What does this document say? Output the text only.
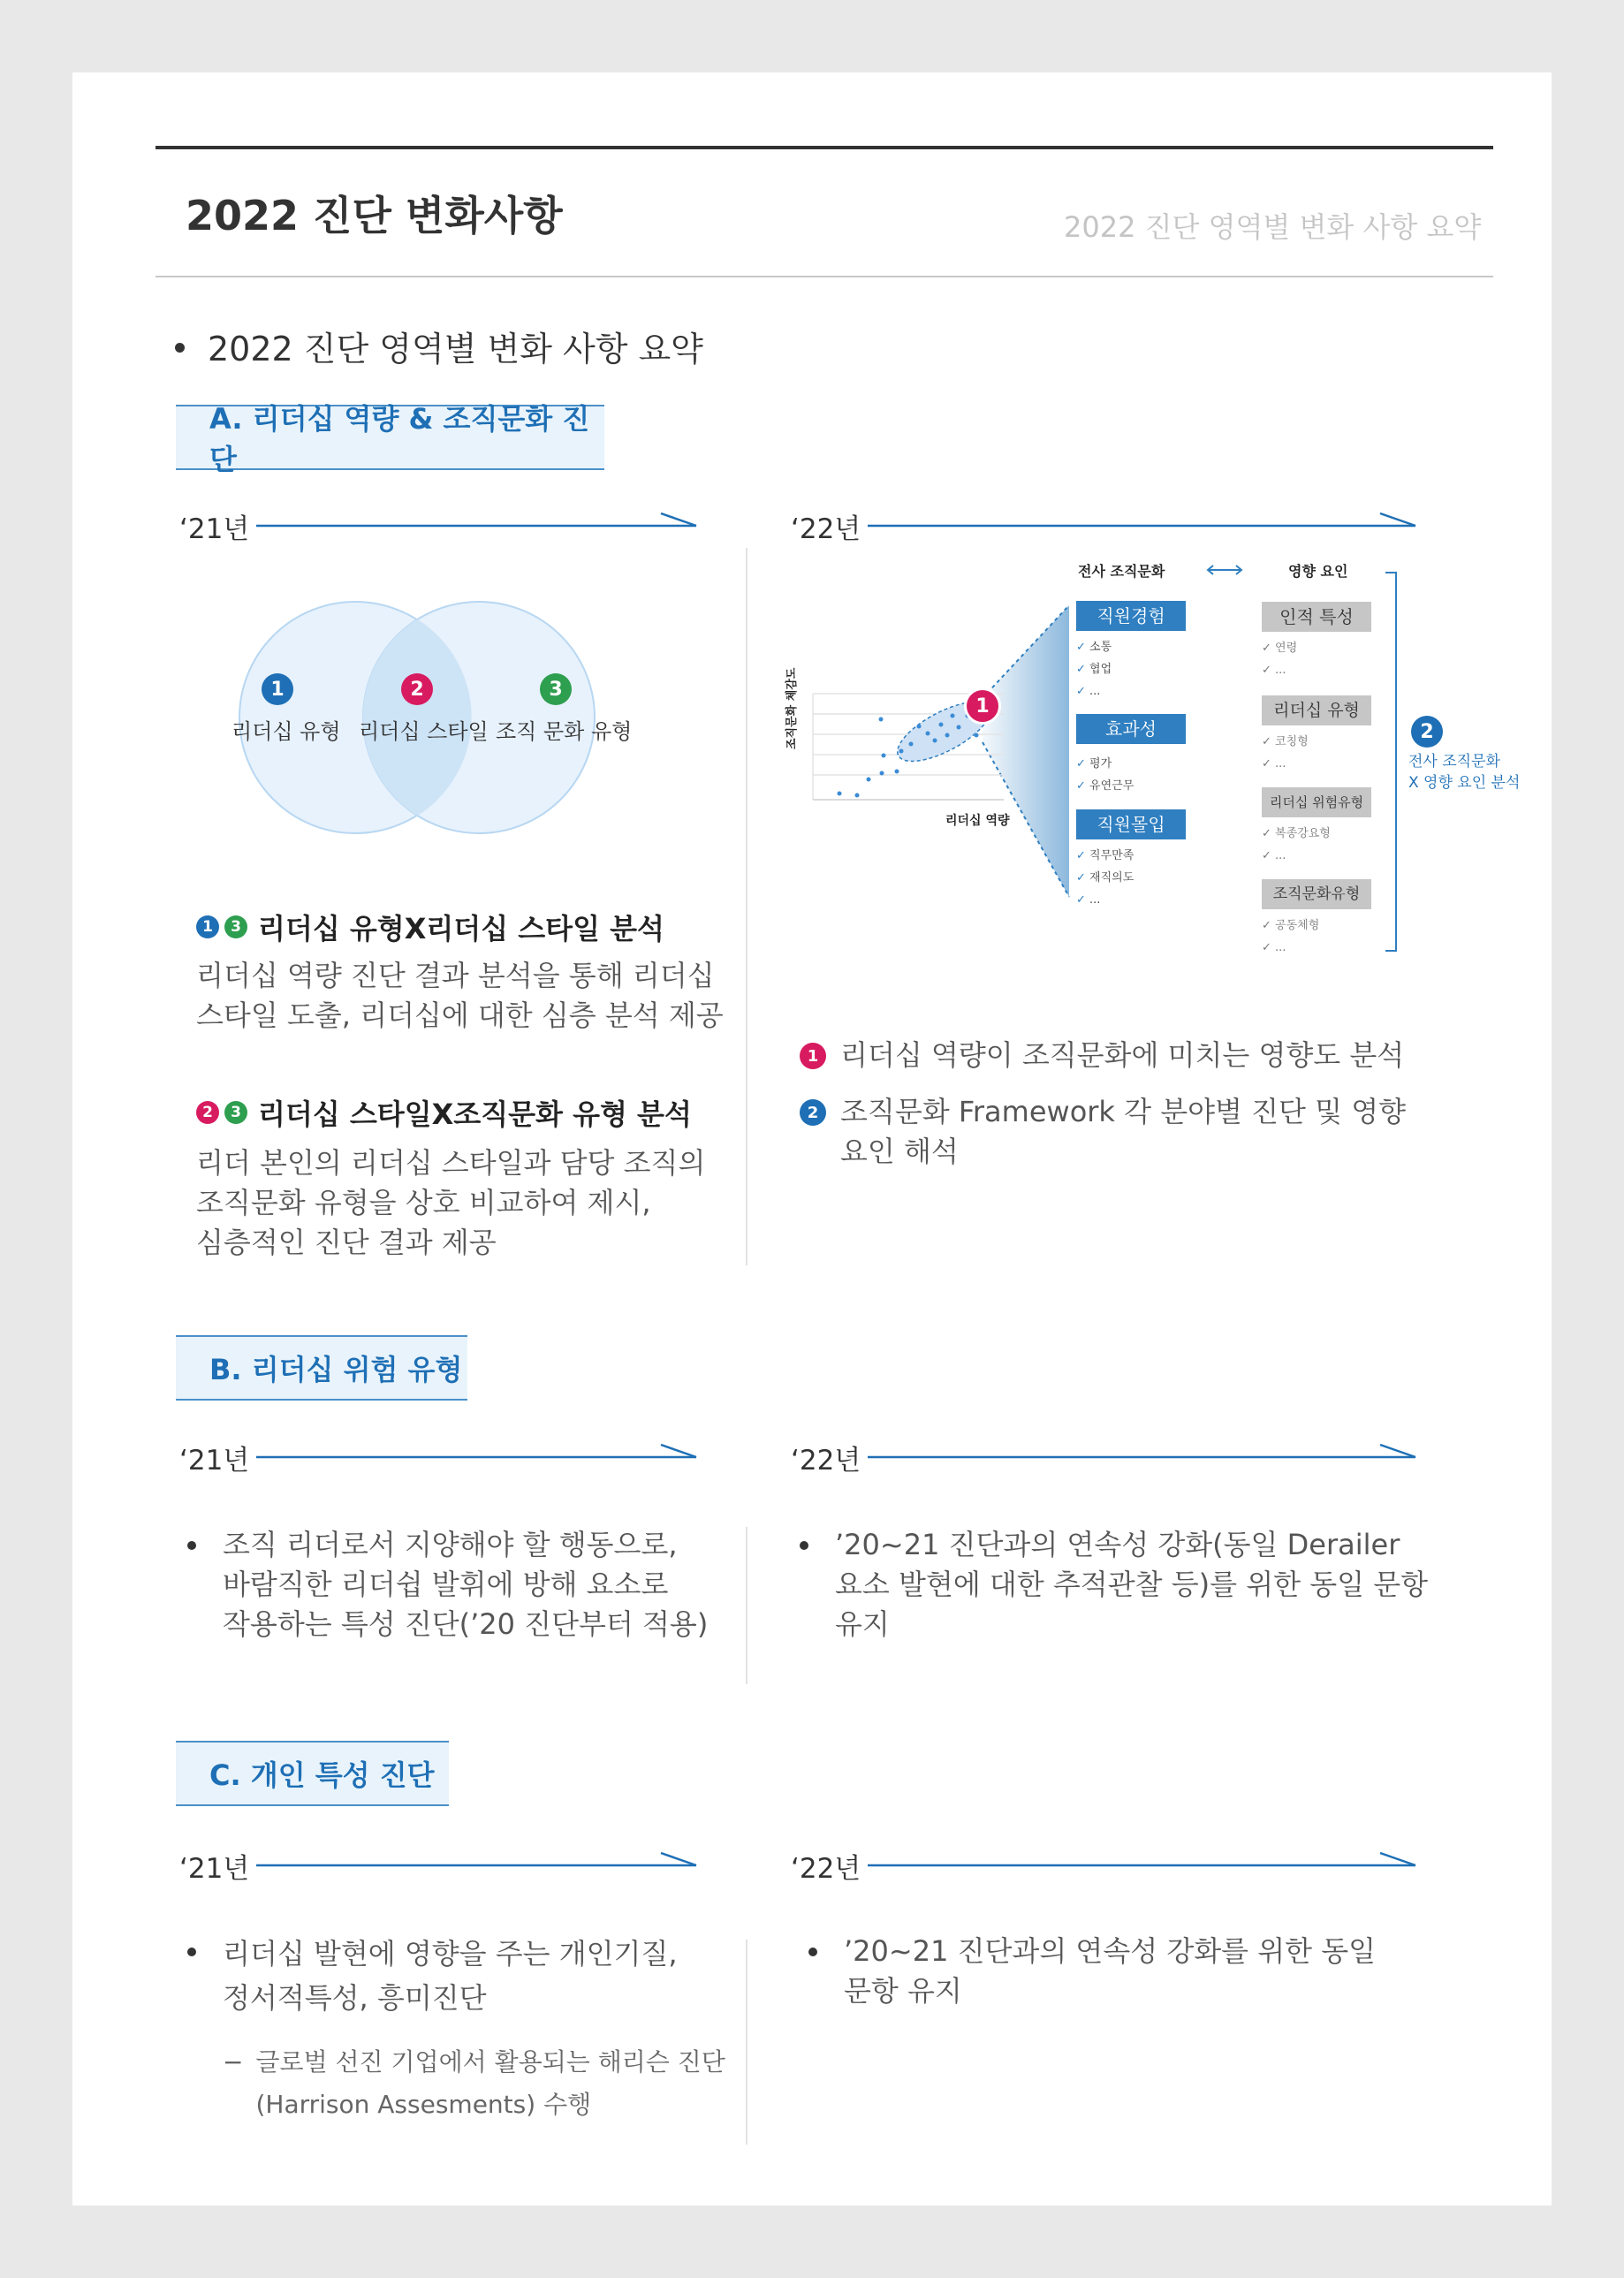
2022 진단 변화사항	2022 진단 영역별 변화 사항 요약
2022 진단 영역별 변화 사항 요약
A. 리더십 역량 & 조직문화 진단
‘21년	‘22년
1	2	3
리더십 유형 리더십 스타일 조직 문화 유형
1	3 리더십 유형X리더십 스타일 분석
리더십 역량 진단 결과 분석을 통해 리더십
스타일 도출, 리더십에 대한 심층 분석 제공
2	3 리더십 스타일X조직문화 유형 분석
리더 본인의 리더십 스타일과 담당 조직의
조직문화 유형을 상호 비교하여 제시,
심층적인 진단 결과 제공
전사 조직문화	영향 요인
조직문화 체감도
리더십 역량
1
직원경험
✓ 소통
✓ 협업
✓ ...
효과성
✓ 평가
✓ 유연근무
직원몰입
✓ 직무만족
✓ 재직의도
✓ ...
인적 특성
✓ 연령
✓ ...
리더십 유형
✓ 코칭형
✓ ...
리더십 위험유형
✓ 복종강요형
✓ ...
조직문화유형
✓ 공동체형
✓ ...
2
전사 조직문화
X 영향 요인 분석
1 리더십 역량이 조직문화에 미치는 영향도 분석
2 조직문화 Framework 각 분야별 진단 및 영향
요인 해석
B. 리더십 위험 유형
‘21년	‘22년
조직 리더로서 지양해야 할 행동으로,
바람직한 리더쉽 발휘에 방해 요소로
작용하는 특성 진단(’20 진단부터 적용)
’20~21 진단과의 연속성 강화(동일 Derailer
요소 발현에 대한 추적관찰 등)를 위한 동일 문항
유지
C. 개인 특성 진단
‘21년	‘22년
리더십 발현에 영향을 주는 개인기질,
정서적특성, 흥미진단
− 글로벌 선진 기업에서 활용되는 해리슨 진단
(Harrison Assesments) 수행
’20~21 진단과의 연속성 강화를 위한 동일
문항 유지
